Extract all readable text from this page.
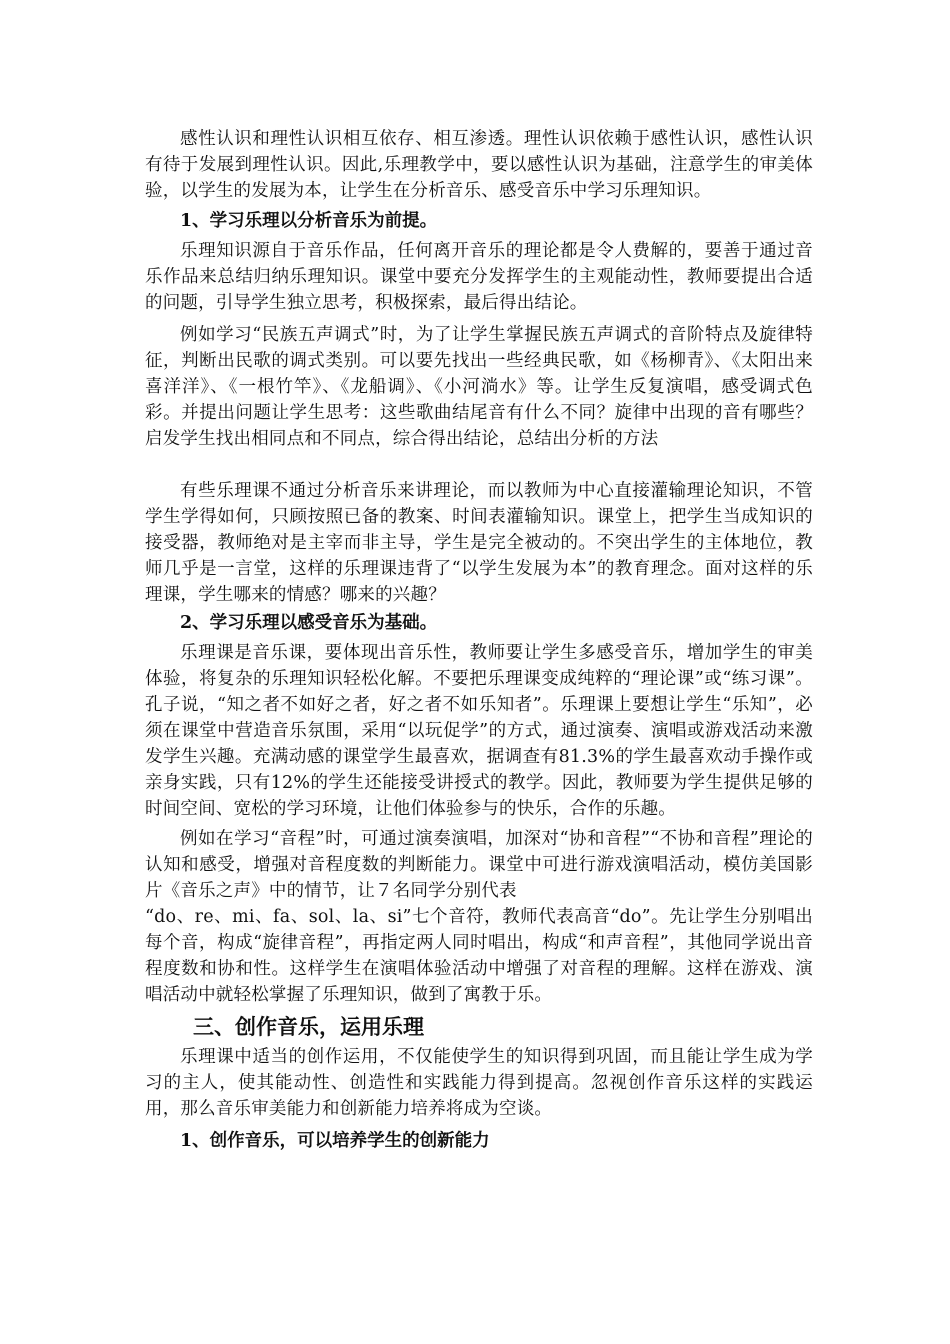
感性认识和理性认识相互依存、相互渗透。理性认识依赖于感性认识，感性认识有待于发展到理性认识。因此,乐理教学中，要以感性认识为基础，注意学生的审美体验，以学生的发展为本，让学生在分析音乐、感受音乐中学习乐理知识。

1、学习乐理以分析音乐为前提。

乐理知识源自于音乐作品，任何离开音乐的理论都是令人费解的，要善于通过音乐作品来总结归纳乐理知识。课堂中要充分发挥学生的主观能动性，教师要提出合适的问题，引导学生独立思考，积极探索，最后得出结论。

例如学习“民族五声调式”时，为了让学生掌握民族五声调式的音阶特点及旋律特征，判断出民歌的调式类别。可以要先找出一些经典民歌，如《杨柳青》、《太阳出来喜洋洋》、《一根竹竿》、《龙船调》、《小河淌水》等。让学生反复演唱，感受调式色彩。并提出问题让学生思考：这些歌曲结尾音有什么不同？旋律中出现的音有哪些？启发学生找出相同点和不同点，综合得出结论，总结出分析的方法

有些乐理课不通过分析音乐来讲理论，而以教师为中心直接灌输理论知识，不管学生学得如何，只顾按照已备的教案、时间表灌输知识。课堂上，把学生当成知识的接受器，教师绝对是主宰而非主导，学生是完全被动的。不突出学生的主体地位，教师几乎是一言堂，这样的乐理课违背了“以学生发展为本”的教育理念。面对这样的乐理课，学生哪来的情感？哪来的兴趣？

2、学习乐理以感受音乐为基础。

乐理课是音乐课，要体现出音乐性，教师要让学生多感受音乐，增加学生的审美体验，将复杂的乐理知识轻松化解。不要把乐理课变成纯粹的“理论课”或“练习课”。孔子说，“知之者不如好之者，好之者不如乐知者”。乐理课上要想让学生“乐知”，必须在课堂中营造音乐氛围，采用“以玩促学”的方式，通过演奏、演唱或游戏活动来激发学生兴趣。充满动感的课堂学生最喜欢，据调查有81.3%的学生最喜欢动手操作或亲身实践，只有12%的学生还能接受讲授式的教学。因此，教师要为学生提供足够的时间空间、宽松的学习环境，让他们体验参与的快乐，合作的乐趣。

例如在学习“音程”时，可通过演奏演唱，加深对“协和音程”“不协和音程”理论的认知和感受，增强对音程度数的判断能力。课堂中可进行游戏演唱活动，模仿美国影片《音乐之声》中的情节，让７名同学分别代表

“do、re、mi、fa、sol、la、si”七个音符，教师代表高音“do”。先让学生分别唱出每个音，构成“旋律音程”，再指定两人同时唱出，构成“和声音程”，其他同学说出音程度数和协和性。这样学生在演唱体验活动中增强了对音程的理解。这样在游戏、演唱活动中就轻松掌握了乐理知识，做到了寓教于乐。

三、创作音乐，运用乐理

乐理课中适当的创作运用，不仅能使学生的知识得到巩固，而且能让学生成为学习的主人，使其能动性、创造性和实践能力得到提高。忽视创作音乐这样的实践运用，那么音乐审美能力和创新能力培养将成为空谈。

1、创作音乐，可以培养学生的创新能力
